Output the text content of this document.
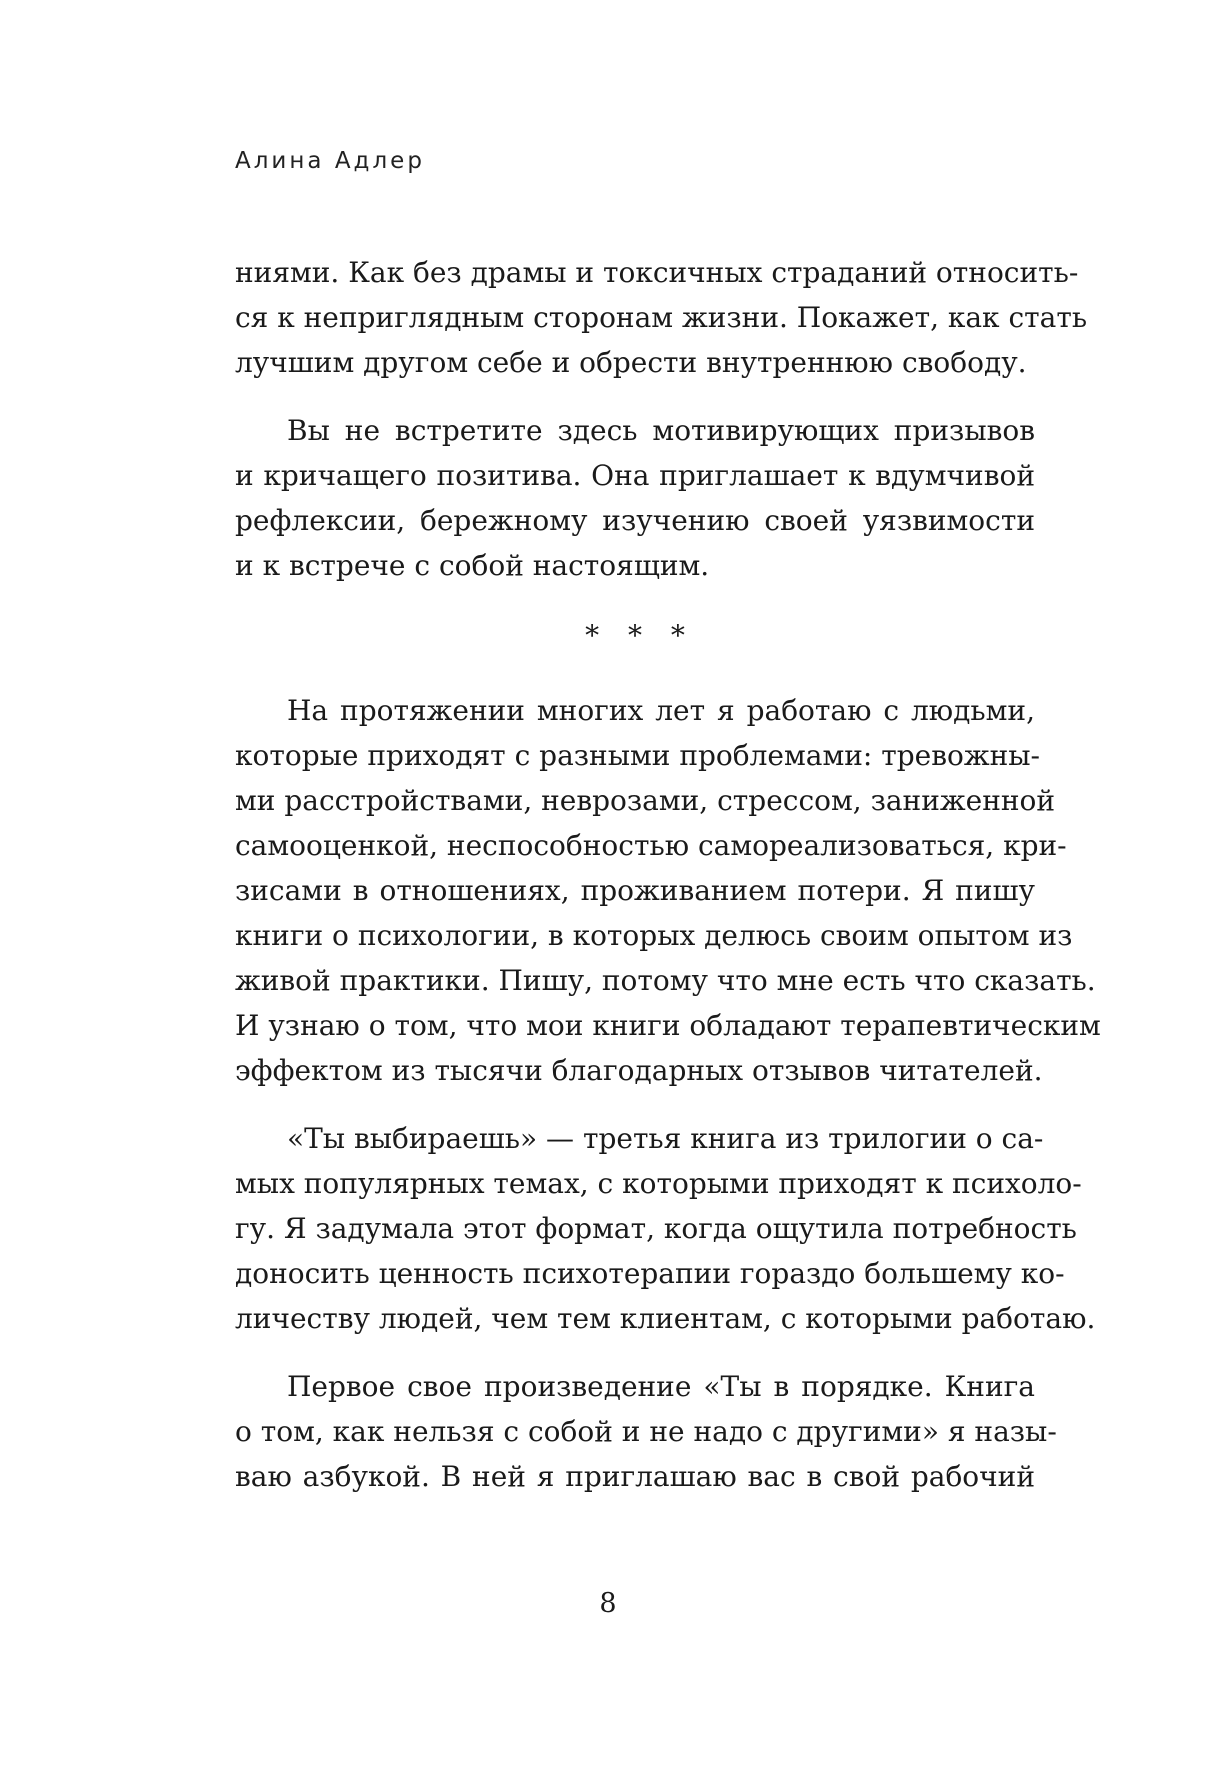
Алина Адлер

ниями. Как без драмы и токсичных страданий относить-
ся к неприглядным сторонам жизни. Покажет, как стать
лучшим другом себе и обрести внутреннюю свободу.
Вы не встретите здесь мотивирующих призывов
и кричащего позитива. Она приглашает к вдумчивой
рефлексии, бережному изучению своей уязвимости
и к встрече с собой настоящим.
* * *
На протяжении многих лет я работаю с людьми,
которые приходят с разными проблемами: тревожны-
ми расстройствами, неврозами, стрессом, заниженной
самооценкой, неспособностью самореализоваться, кри-
зисами в отношениях, проживанием потери. Я пишу
книги о психологии, в которых делюсь своим опытом из
живой практики. Пишу, потому что мне есть что сказать.
И узнаю о том, что мои книги обладают терапевтическим
эффектом из тысячи благодарных отзывов читателей.
«Ты выбираешь» — третья книга из трилогии о са-
мых популярных темах, с которыми приходят к психоло-
гу. Я задумала этот формат, когда ощутила потребность
доносить ценность психотерапии гораздо большему ко-
личеству людей, чем тем клиентам, с которыми работаю.
Первое свое произведение «Ты в порядке. Книга
о том, как нельзя с собой и не надо с другими» я назы-
ваю азбукой. В ней я приглашаю вас в свой рабочий

8
